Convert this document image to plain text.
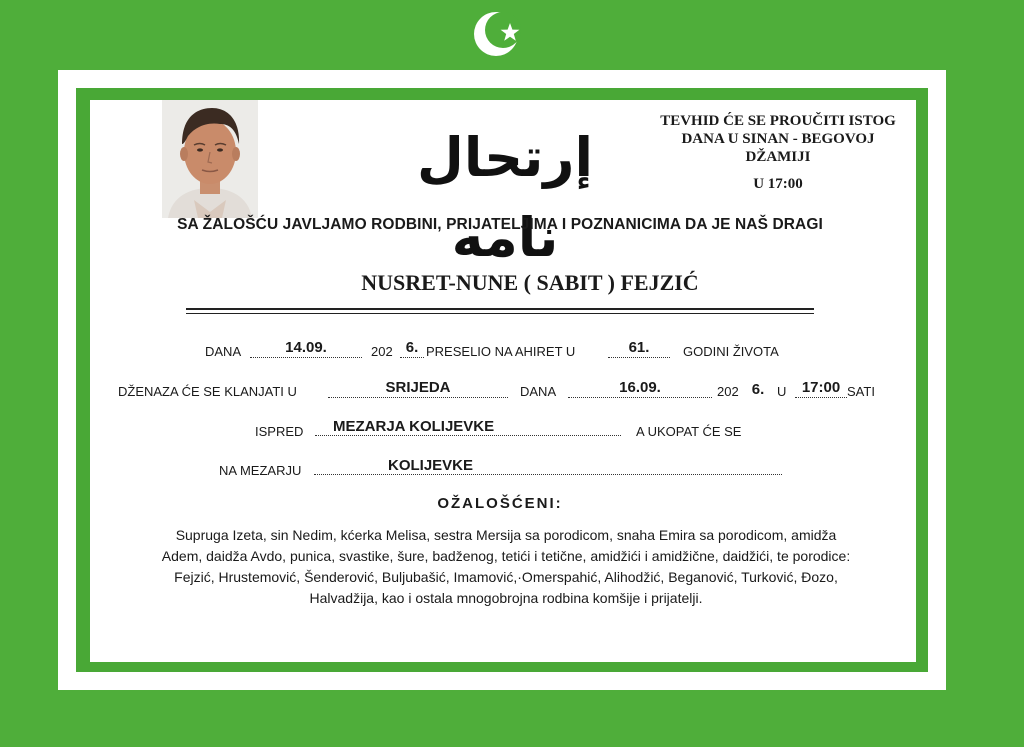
إرتحال نامه
TEVHID ĆE SE PROUČITI ISTOG
DANA U SINAN - BEGOVOJ
DŽAMIJI
U 17:00
SA ŽALOŠĆU JAVLJAMO RODBINI, PRIJATELJIMA I POZNANICIMA DA JE NAŠ DRAGI
NUSRET-NUNE ( SABIT ) FEJZIĆ
DANA	14.09.	202 6. PRESELIO NA AHIRET U	61.	GODINI ŽIVOTA
DŽENAZA ĆE SE KLANJATI U	SRIJEDA	DANA	16.09.	202 6. U	17:00 SATI
ISPRED	MEZARJA KOLIJEVKE	A UKOPAT ĆE SE
NA MEZARJU	KOLIJEVKE
OŽALOŠĆENI:
Supruga Izeta, sin Nedim, kćerka Melisa, sestra Mersija sa porodicom, snaha Emira sa porodicom, amidža
Adem, daidža Avdo, punica, svastike, šure, badženog, tetići i tetične, amidžići i amidžične, daidžići, te porodice:
Fejzić, Hrustemović, Šenderović, Buljubašić, Imamović,·Omerspahić, Alihodžić, Beganović, Turković, Đozo,
Halvadžija, kao i ostala mnogobrojna rodbina komšije i prijatelji.
